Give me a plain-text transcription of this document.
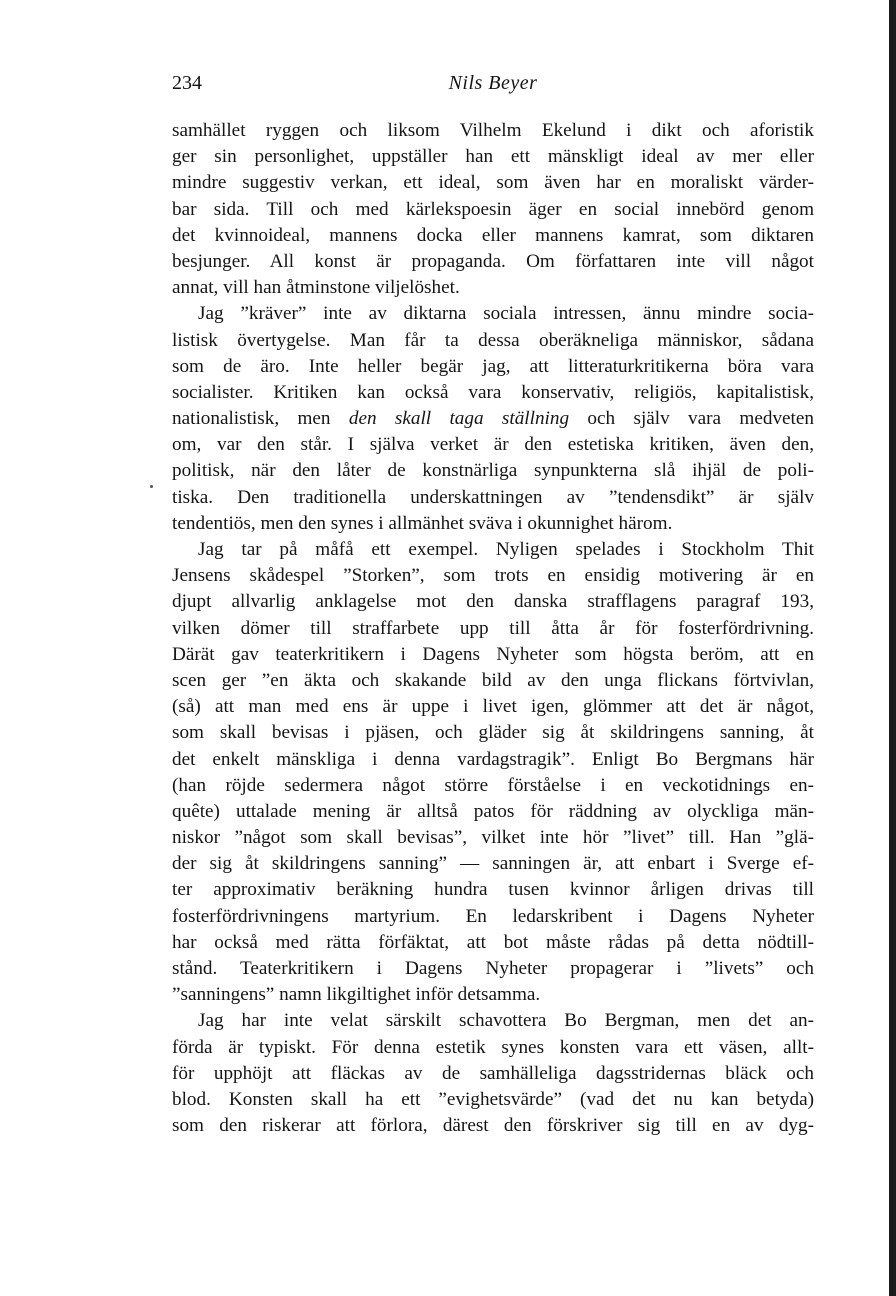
234	Nils Beyer
samhället ryggen och liksom Vilhelm Ekelund i dikt och aforistik
ger sin personlighet, uppställer han ett mänskligt ideal av mer eller
mindre suggestiv verkan, ett ideal, som även har en moraliskt värder-
bar sida. Till och med kärlekspoesin äger en social innebörd genom
det kvinnoideal, mannens docka eller mannens kamrat, som diktaren
besjunger. All konst är propaganda. Om författaren inte vill något
annat, vill han åtminstone viljelöshet.
Jag ”kräver” inte av diktarna sociala intressen, ännu mindre socia-
listisk övertygelse. Man får ta dessa oberäkneliga människor, sådana
som de äro. Inte heller begär jag, att litteraturkritikerna böra vara
socialister. Kritiken kan också vara konservativ, religiös, kapitalistisk,
nationalistisk, men den skall taga ställning och själv vara medveten
om, var den står. I själva verket är den estetiska kritiken, även den,
politisk, när den låter de konstnärliga synpunkterna slå ihjäl de poli-
tiska. Den traditionella underskattningen av ”tendensdikt” är själv
tendentiös, men den synes i allmänhet sväva i okunnighet härom.
Jag tar på måfå ett exempel. Nyligen spelades i Stockholm Thit
Jensens skådespel ”Storken”, som trots en ensidig motivering är en
djupt allvarlig anklagelse mot den danska strafflagens paragraf 193,
vilken dömer till straffarbete upp till åtta år för fosterfördrivning.
Därät gav teaterkritikern i Dagens Nyheter som högsta beröm, att en
scen ger ”en äkta och skakande bild av den unga flickans förtvivlan,
(så) att man med ens är uppe i livet igen, glömmer att det är något,
som skall bevisas i pjäsen, och gläder sig åt skildringens sanning, åt
det enkelt mänskliga i denna vardagstragik”. Enligt Bo Bergmans här
(han röjde sedermera något större förståelse i en veckotidnings en-
quête) uttalade mening är alltså patos för räddning av olyckliga män-
niskor ”något som skall bevisas”, vilket inte hör ”livet” till. Han ”glä-
der sig åt skildringens sanning” — sanningen är, att enbart i Sverge ef-
ter approximativ beräkning hundra tusen kvinnor årligen drivas till
fosterfördrivningens martyrium. En ledarskribent i Dagens Nyheter
har också med rätta förfäktat, att bot måste rådas på detta nödtill-
stånd. Teaterkritikern i Dagens Nyheter propagerar i ”livets” och
”sanningens” namn likgiltighet inför detsamma.
Jag har inte velat särskilt schavottera Bo Bergman, men det an-
förda är typiskt. För denna estetik synes konsten vara ett väsen, allt-
för upphöjt att fläckas av de samhälleliga dagsstridernas bläck och
blod. Konsten skall ha ett ”evighetsvärde” (vad det nu kan betyda)
som den riskerar att förlora, därest den förskriver sig till en av dyg-
